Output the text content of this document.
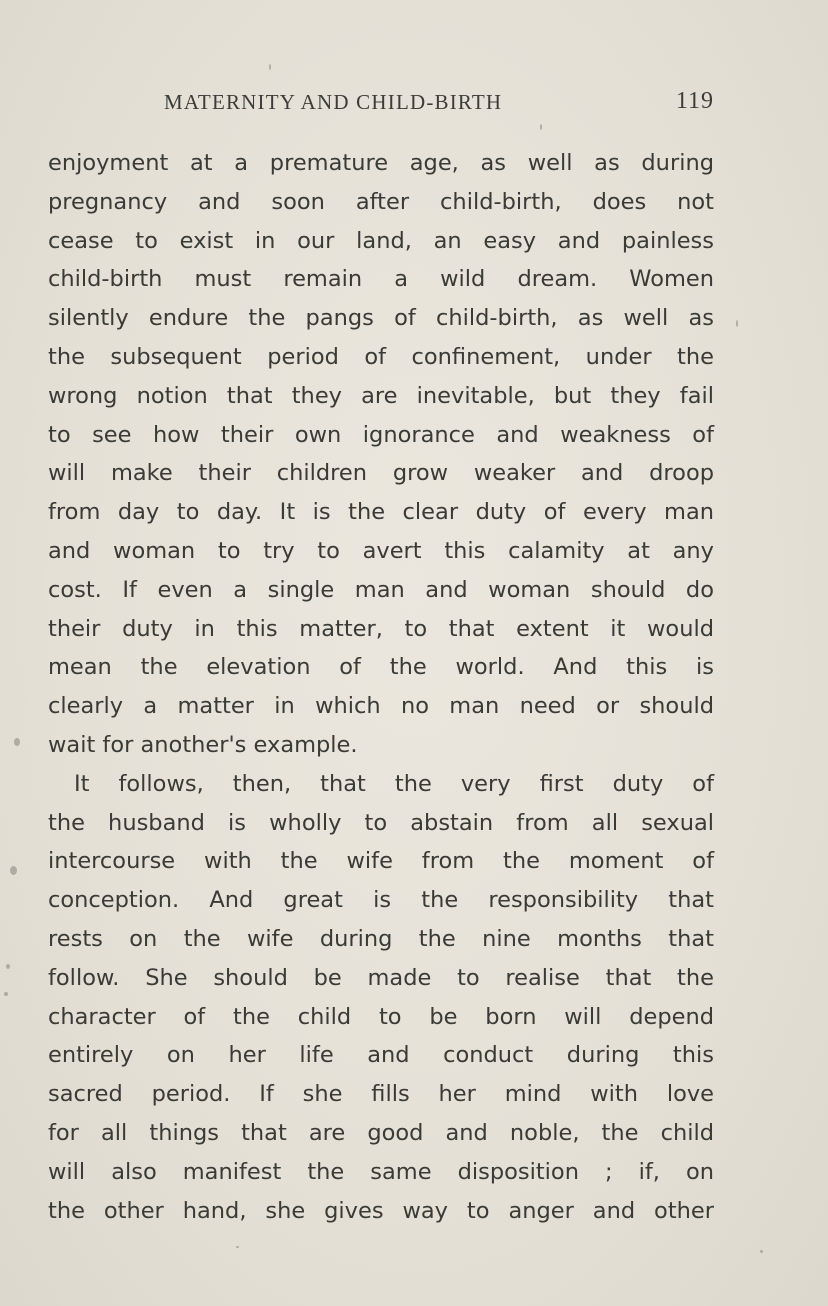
MATERNITY AND CHILD-BIRTH	119
enjoyment at a premature age, as well as during
pregnancy and soon after child-birth, does not
cease to exist in our land, an easy and painless
child-birth must remain a wild dream. Women
silently endure the pangs of child-birth, as well as
the subsequent period of confinement, under the
wrong notion that they are inevitable, but they fail
to see how their own ignorance and weakness of
will make their children grow weaker and droop
from day to day. It is the clear duty of every man
and woman to try to avert this calamity at any
cost. If even a single man and woman should do
their duty in this matter, to that extent it would
mean the elevation of the world. And this is
clearly a matter in which no man need or should
wait for another's example.
It follows, then, that the very first duty of
the husband is wholly to abstain from all sexual
intercourse with the wife from the moment of
conception. And great is the responsibility that
rests on the wife during the nine months that
follow. She should be made to realise that the
character of the child to be born will depend
entirely on her life and conduct during this
sacred period. If she fills her mind with love
for all things that are good and noble, the child
will also manifest the same disposition ; if, on
the other hand, she gives way to anger and other
